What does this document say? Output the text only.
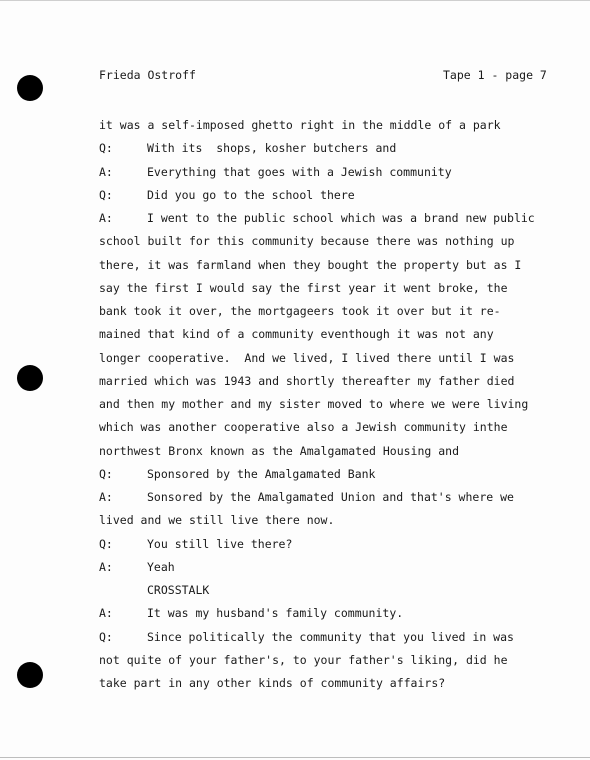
Frieda Ostroff	Tape 1 - page 7
it was a self-imposed ghetto right in the middle of a park
Q:	With its  shops, kosher butchers and
A:	Everything that goes with a Jewish community
Q:	Did you go to the school there
A:	I went to the public school which was a brand new public
school built for this community because there was nothing up
there, it was farmland when they bought the property but as I
say the first I would say the first year it went broke, the
bank took it over, the mortgageers took it over but it re-
mained that kind of a community eventhough it was not any
longer cooperative.  And we lived, I lived there until I was
married which was 1943 and shortly thereafter my father died
and then my mother and my sister moved to where we were living
which was another cooperative also a Jewish community inthe
northwest Bronx known as the Amalgamated Housing and
Q:	Sponsored by the Amalgamated Bank
A:	Sonsored by the Amalgamated Union and that's where we
lived and we still live there now.
Q:	You still live there?
A:	Yeah
CROSSTALK
A:	It was my husband's family community.
Q:	Since politically the community that you lived in was
not quite of your father's, to your father's liking, did he
take part in any other kinds of community affairs?
